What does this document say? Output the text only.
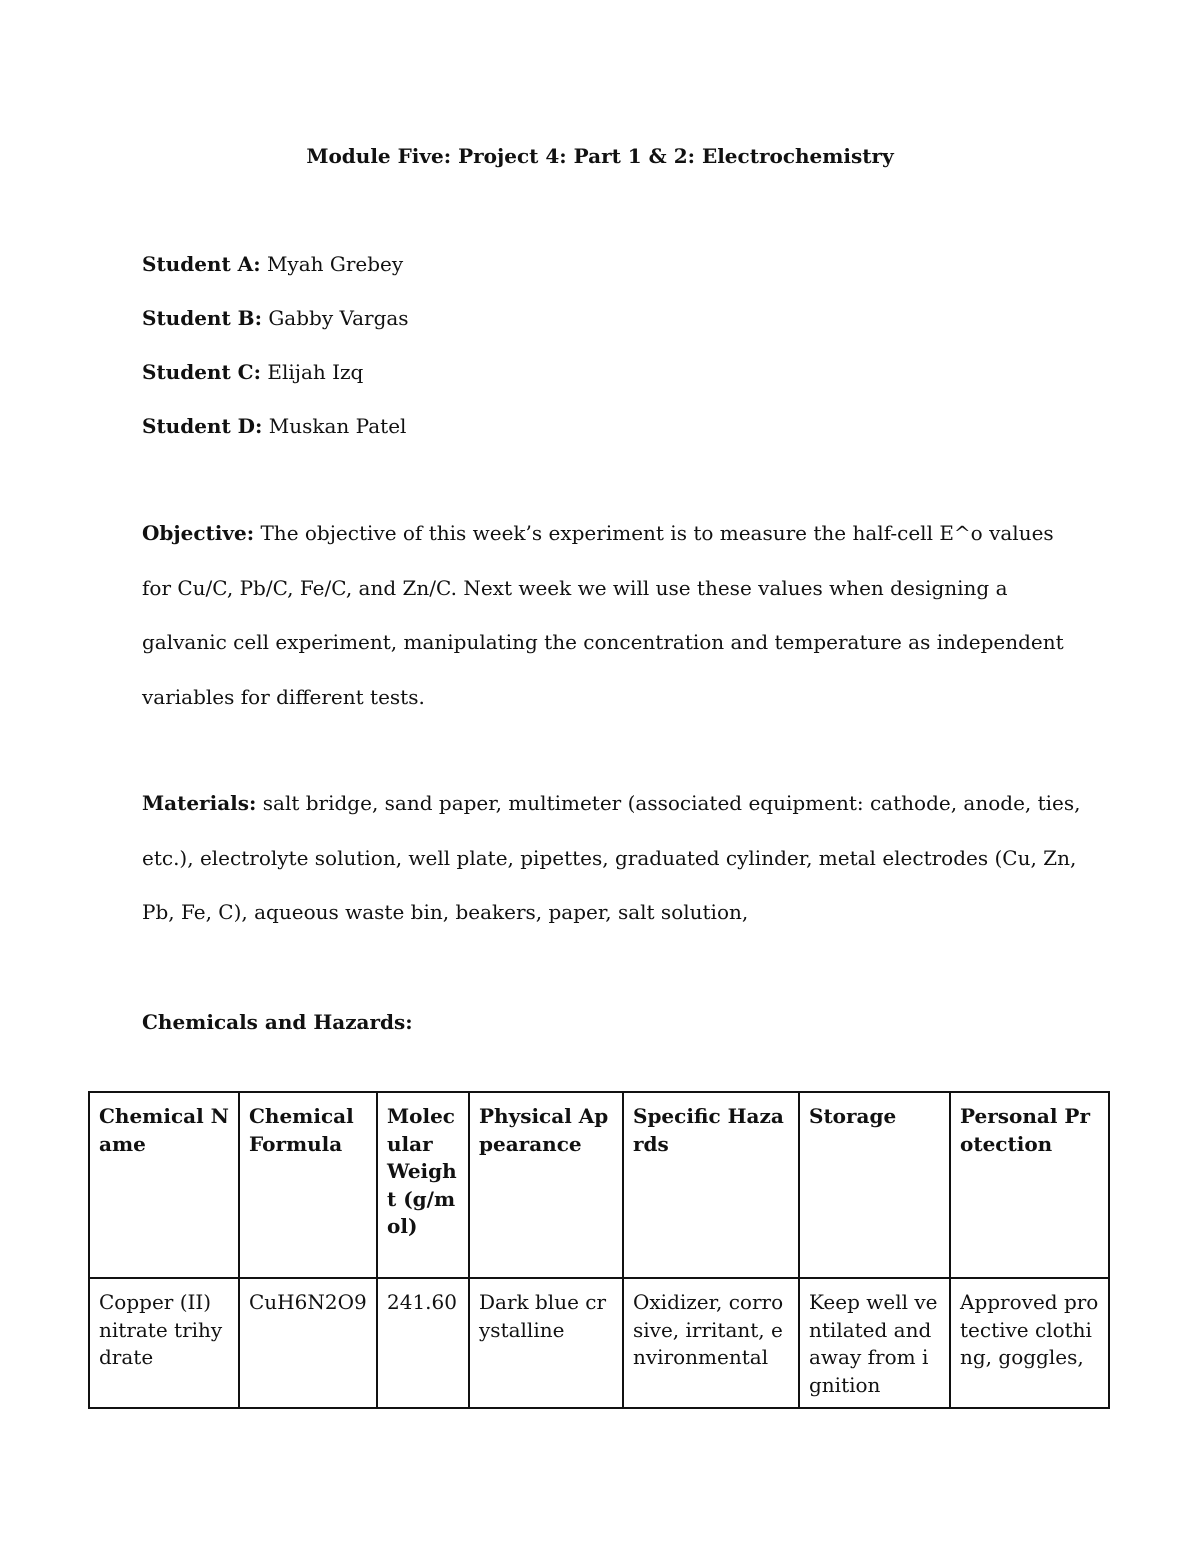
Module Five: Project 4: Part 1 & 2: Electrochemistry
Student A: Myah Grebey
Student B: Gabby Vargas
Student C: Elijah Izq
Student D: Muskan Patel
Objective: The objective of this week’s experiment is to measure the half-cell E^o values for Cu/C, Pb/C, Fe/C, and Zn/C. Next week we will use these values when designing a galvanic cell experiment, manipulating the concentration and temperature as independent variables for different tests.
Materials: salt bridge, sand paper, multimeter (associated equipment: cathode, anode, ties, etc.), electrolyte solution, well plate, pipettes, graduated cylinder, metal electrodes (Cu, Zn, Pb, Fe, C), aqueous waste bin, beakers, paper, salt solution,
Chemicals and Hazards:
Chemical Name	Chemical Formula	Molecular Weight (g/mol)	Physical Appearance	Specific Hazards	Storage	Personal Protection
Copper (II) nitrate trihydrate	CuH6N2O9	241.60	Dark blue crystalline	Oxidizer, corrosive, irritant, environmental	Keep well ventilated and away from ignition	Approved protective clothing, goggles,
